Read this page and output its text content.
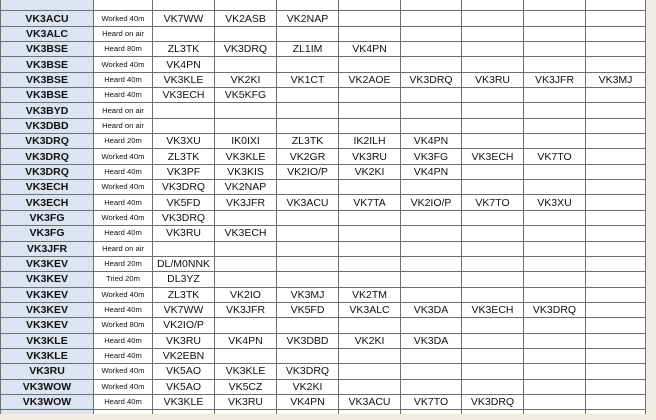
VK3ACU	Worked 40m	VK7WW	VK2ASB	VK2NAP					
VK3ALC	Heard on air								
VK3BSE	Heard 80m	ZL3TK	VK3DRQ	ZL1IM	VK4PN				
VK3BSE	Worked 40m	VK4PN							
VK3BSE	Heard 40m	VK3KLE	VK2KI	VK1CT	VK2AOE	VK3DRQ	VK3RU	VK3JFR	VK3MJ
VK3BSE	Heard 40m	VK3ECH	VK5KFG						
VK3BYD	Heard on air								
VK3DBD	Heard on air								
VK3DRQ	Heard 20m	VK3XU	IK0IXI	ZL3TK	IK2ILH	VK4PN			
VK3DRQ	Worked 40m	ZL3TK	VK3KLE	VK2GR	VK3RU	VK3FG	VK3ECH	VK7TO	
VK3DRQ	Heard 40m	VK3PF	VK3KIS	VK2IO/P	VK2KI	VK4PN			
VK3ECH	Worked 40m	VK3DRQ	VK2NAP						
VK3ECH	Heard 40m	VK5FD	VK3JFR	VK3ACU	VK7TA	VK2IO/P	VK7TO	VK3XU	
VK3FG	Worked 40m	VK3DRQ							
VK3FG	Heard 40m	VK3RU	VK3ECH						
VK3JFR	Heard on air								
VK3KEV	Heard 20m	DL/M0NNK							
VK3KEV	Tried 20m	DL3YZ							
VK3KEV	Worked 40m	ZL3TK	VK2IO	VK3MJ	VK2TM				
VK3KEV	Heard 40m	VK7WW	VK3JFR	VK5FD	VK3ALC	VK3DA	VK3ECH	VK3DRQ	
VK3KEV	Worked 80m	VK2IO/P							
VK3KLE	Heard 40m	VK3RU	VK4PN	VK3DBD	VK2KI	VK3DA			
VK3KLE	Heard 40m	VK2EBN							
VK3RU	Worked 40m	VK5AO	VK3KLE	VK3DRQ					
VK3WOW	Worked 40m	VK5AO	VK5CZ	VK2KI					
VK3WOW	Heard 40m	VK3KLE	VK3RU	VK4PN	VK3ACU	VK7TO	VK3DRQ		
